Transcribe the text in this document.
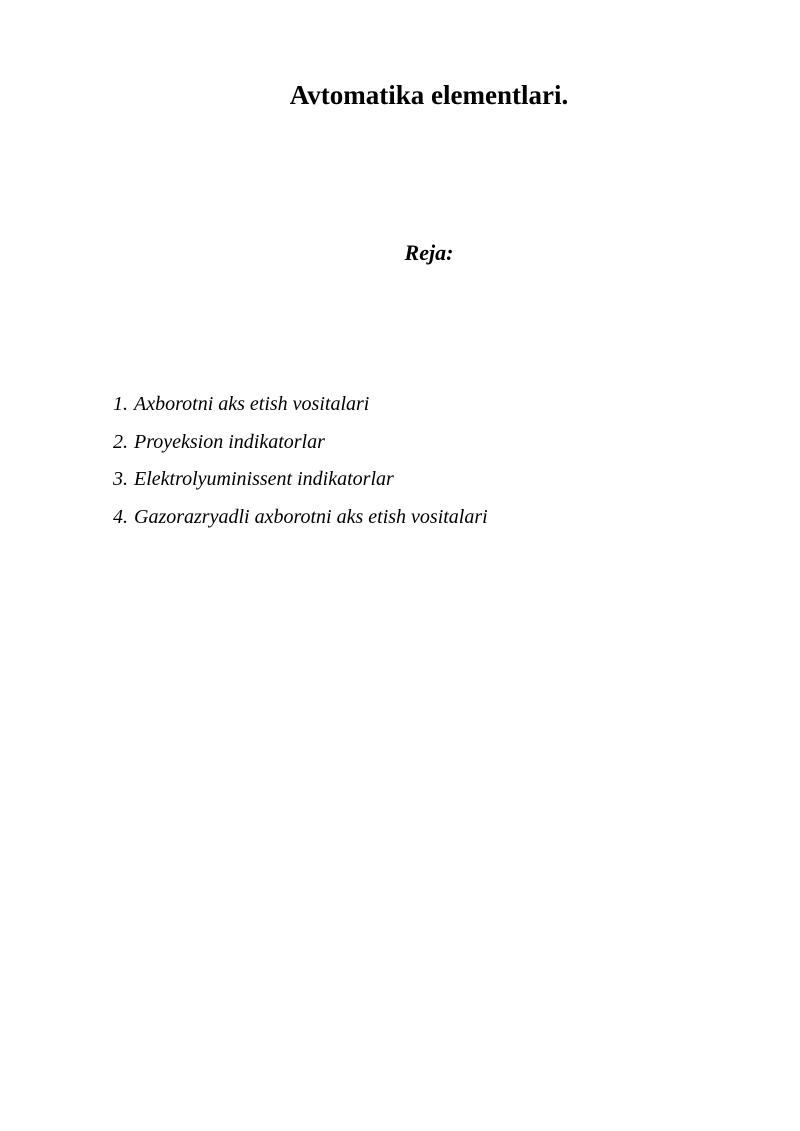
Avtomatika elementlari.
Reja:
1. Axborotni aks etish vositalari
2. Proyeksion indikatorlar
3. Elektrolyuminissent indikatorlar
4. Gazorazryadli axborotni aks etish vositalari
